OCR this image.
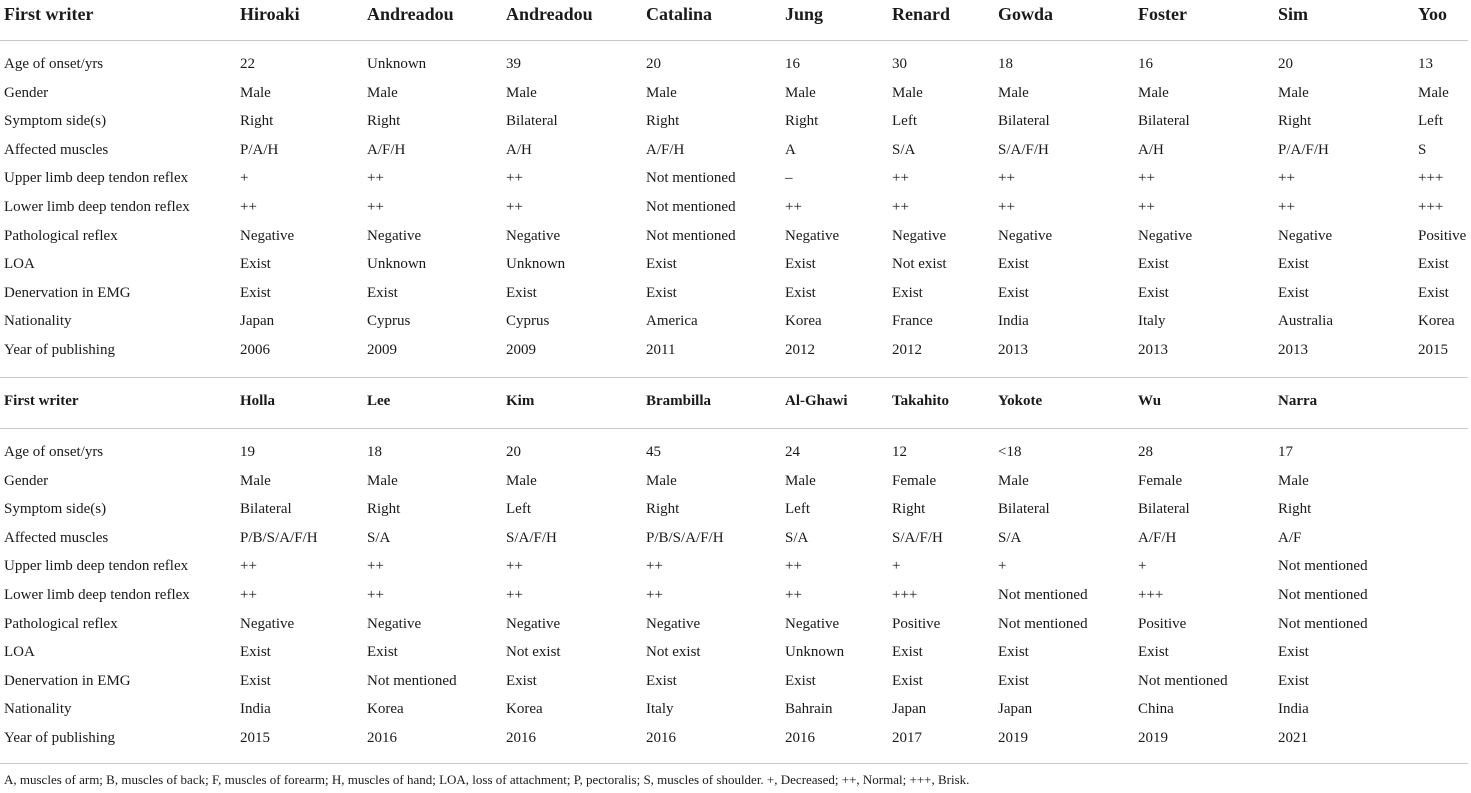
First writer	Hiroaki	Andreadou	Andreadou	Catalina	Jung	Renard	Gowda	Foster	Sim	Yoo
Age of onset/yrs	22	Unknown	39	20	16	30	18	16	20	13
Gender	Male	Male	Male	Male	Male	Male	Male	Male	Male	Male
Symptom side(s)	Right	Right	Bilateral	Right	Right	Left	Bilateral	Bilateral	Right	Left
Affected muscles	P/A/H	A/F/H	A/H	A/F/H	A	S/A	S/A/F/H	A/H	P/A/F/H	S
Upper limb deep tendon reflex	+	++	++	Not mentioned	–	++	++	++	++	+++
Lower limb deep tendon reflex	++	++	++	Not mentioned	++	++	++	++	++	+++
Pathological reflex	Negative	Negative	Negative	Not mentioned	Negative	Negative	Negative	Negative	Negative	Positive
LOA	Exist	Unknown	Unknown	Exist	Exist	Not exist	Exist	Exist	Exist	Exist
Denervation in EMG	Exist	Exist	Exist	Exist	Exist	Exist	Exist	Exist	Exist	Exist
Nationality	Japan	Cyprus	Cyprus	America	Korea	France	India	Italy	Australia	Korea
Year of publishing	2006	2009	2009	2011	2012	2012	2013	2013	2013	2015
First writer	Holla	Lee	Kim	Brambilla	Al-Ghawi	Takahito	Yokote	Wu	Narra
Age of onset/yrs	19	18	20	45	24	12	<18	28	17
Gender	Male	Male	Male	Male	Male	Female	Male	Female	Male
Symptom side(s)	Bilateral	Right	Left	Right	Left	Right	Bilateral	Bilateral	Right
Affected muscles	P/B/S/A/F/H	S/A	S/A/F/H	P/B/S/A/F/H	S/A	S/A/F/H	S/A	A/F/H	A/F
Upper limb deep tendon reflex	++	++	++	++	++	+	+	+	Not mentioned
Lower limb deep tendon reflex	++	++	++	++	++	+++	Not mentioned	+++	Not mentioned
Pathological reflex	Negative	Negative	Negative	Negative	Negative	Positive	Not mentioned	Positive	Not mentioned
LOA	Exist	Exist	Not exist	Not exist	Unknown	Exist	Exist	Exist	Exist
Denervation in EMG	Exist	Not mentioned	Exist	Exist	Exist	Exist	Exist	Not mentioned	Exist
Nationality	India	Korea	Korea	Italy	Bahrain	Japan	Japan	China	India
Year of publishing	2015	2016	2016	2016	2016	2017	2019	2019	2021
A, muscles of arm; B, muscles of back; F, muscles of forearm; H, muscles of hand; LOA, loss of attachment; P, pectoralis; S, muscles of shoulder. +, Decreased; ++, Normal; +++, Brisk.
